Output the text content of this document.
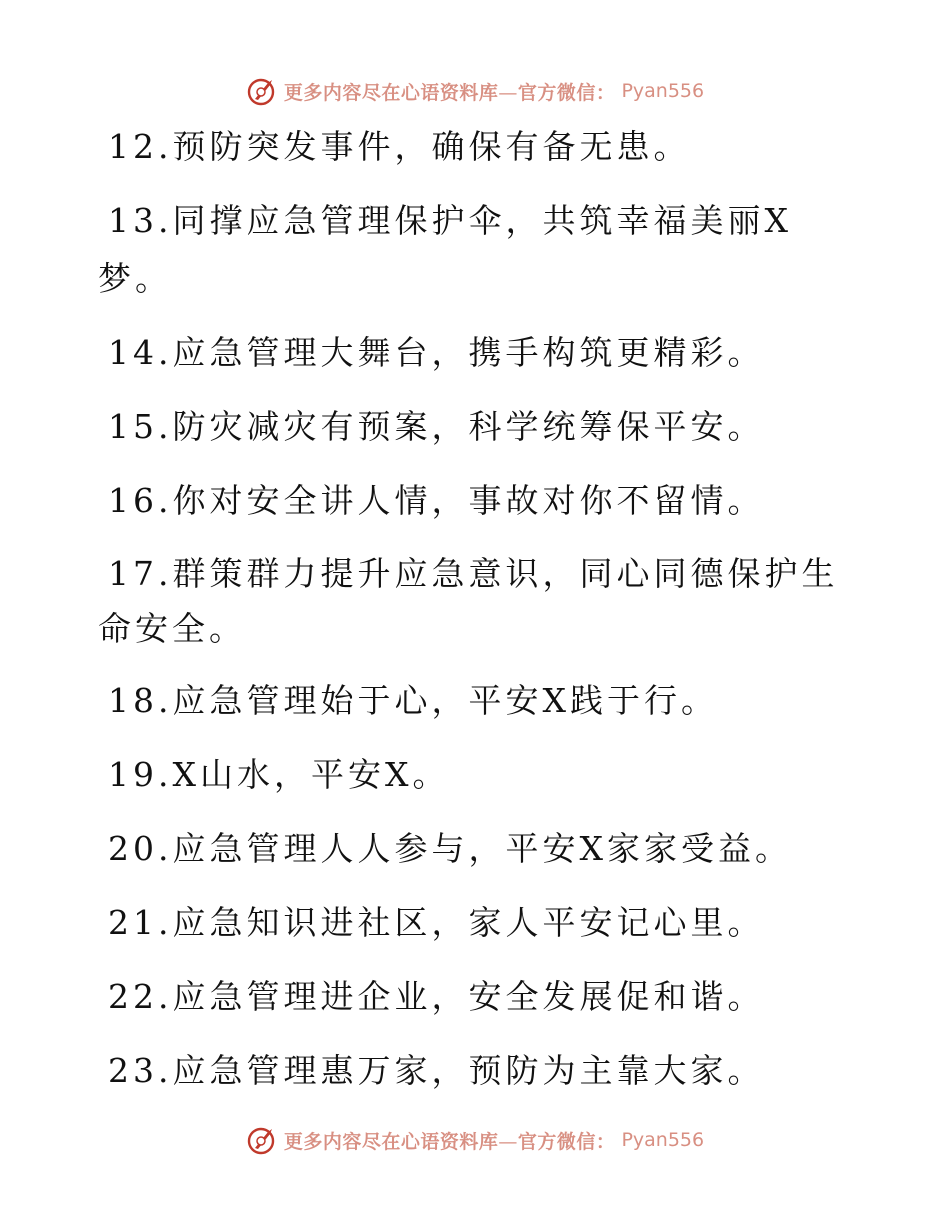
更多内容尽在心语资料库—官方微信： Pyan556

12.预防突发事件，确保有备无患。

13.同撑应急管理保护伞，共筑幸福美丽X梦。

14.应急管理大舞台，携手构筑更精彩。

15.防灾减灾有预案，科学统筹保平安。

16.你对安全讲人情，事故对你不留情。

17.群策群力提升应急意识，同心同德保护生命安全。

18.应急管理始于心，平安X践于行。

19.X山水，平安X。

20.应急管理人人参与，平安X家家受益。

21.应急知识进社区，家人平安记心里。

22.应急管理进企业，安全发展促和谐。

23.应急管理惠万家，预防为主靠大家。

更多内容尽在心语资料库—官方微信： Pyan556
